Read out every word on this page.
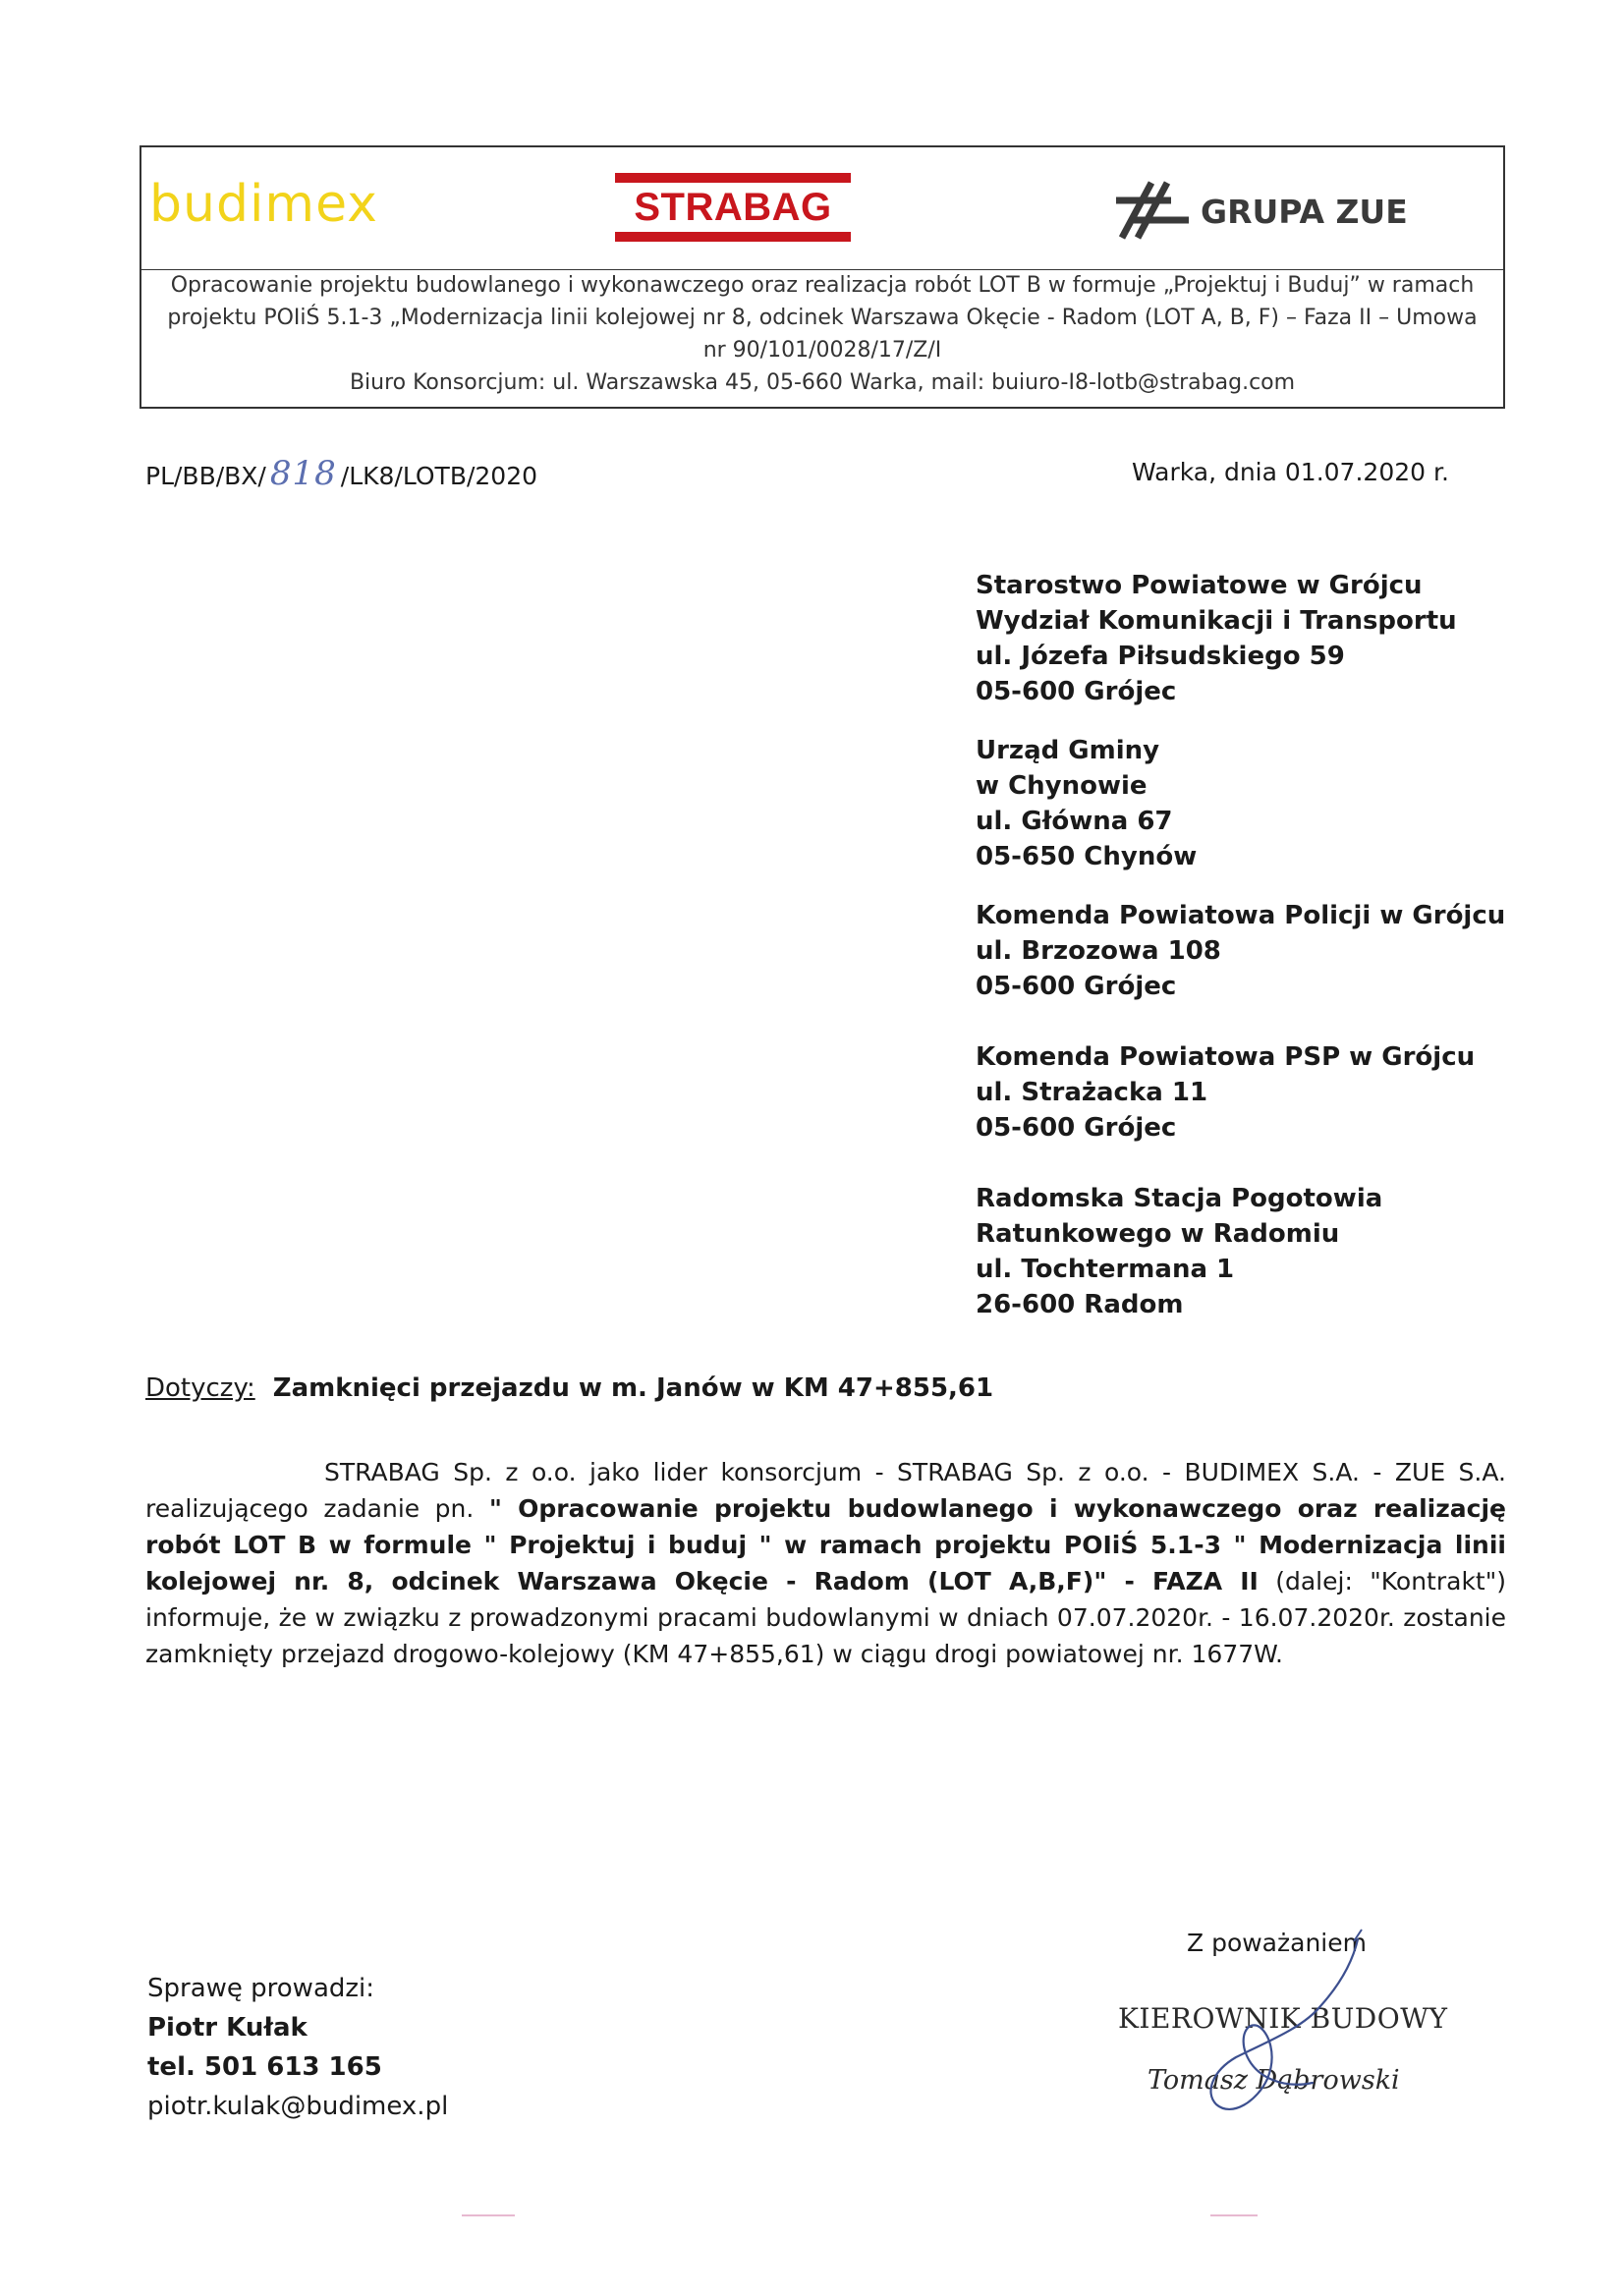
budimex	STRABAG	GRUPA ZUE
Opracowanie projektu budowlanego i wykonawczego oraz realizacja robót LOT B w formuje „Projektuj i Buduj” w ramach
projektu POIiŚ 5.1-3 „Modernizacja linii kolejowej nr 8, odcinek Warszawa Okęcie - Radom (LOT A, B, F) – Faza II – Umowa
nr 90/101/0028/17/Z/I
Biuro Konsorcjum: ul. Warszawska 45, 05-660 Warka, mail: buiuro-I8-lotb@strabag.com
PL/BB/BX/ 818 /LK8/LOTB/2020	Warka, dnia 01.07.2020 r.
Starostwo Powiatowe w Grójcu
Wydział Komunikacji i Transportu
ul. Józefa Piłsudskiego 59
05-600 Grójec
Urząd Gminy
w Chynowie
ul. Główna 67
05-650 Chynów
Komenda Powiatowa Policji w Grójcu
ul. Brzozowa 108
05-600 Grójec
Komenda Powiatowa PSP w Grójcu
ul. Strażacka 11
05-600 Grójec
Radomska Stacja Pogotowia
Ratunkowego w Radomiu
ul. Tochtermana 1
26-600 Radom
Dotyczy: Zamknięci przejazdu w m. Janów w KM 47+855,61
STRABAG Sp. z o.o. jako lider konsorcjum - STRABAG Sp. z o.o. - BUDIMEX S.A. - ZUE S.A. realizującego zadanie pn. " Opracowanie projektu budowlanego i wykonawczego oraz realizację robót LOT B w formule " Projektuj i buduj " w ramach projektu POIiŚ 5.1-3 " Modernizacja linii kolejowej nr. 8, odcinek Warszawa Okęcie - Radom (LOT A,B,F)" - FAZA II (dalej: "Kontrakt") informuje, że w związku z prowadzonymi pracami budowlanymi w dniach 07.07.2020r. - 16.07.2020r. zostanie zamknięty przejazd drogowo-kolejowy (KM 47+855,61) w ciągu drogi powiatowej nr. 1677W.
Sprawę prowadzi:
Piotr Kułak
tel. 501 613 165
piotr.kulak@budimex.pl
Z poważaniem
KIEROWNIK BUDOWY
Tomasz Dąbrowski
